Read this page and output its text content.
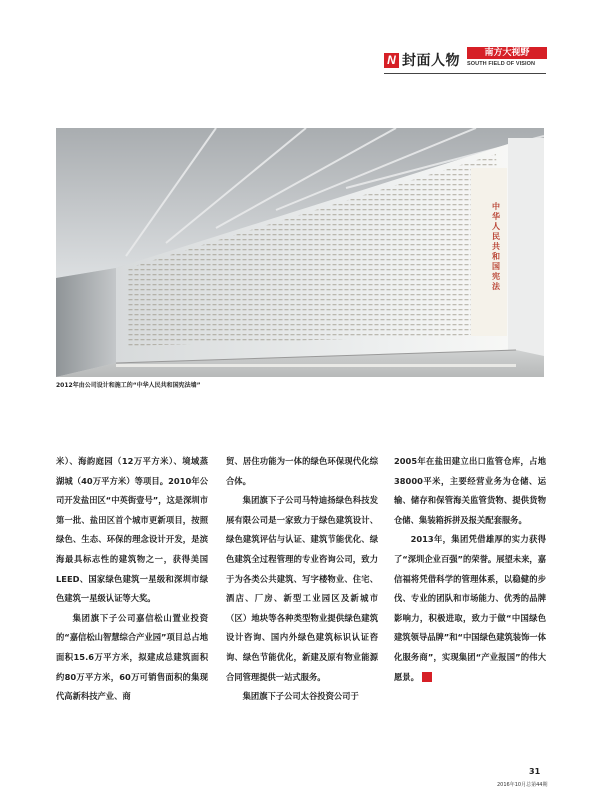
N 封面人物	南方大视野
SOUTH FIELD OF VISION
中华人民共和国宪法
2012年由公司设计和施工的“中华人民共和国宪法墙”

米）、海韵庭园（12万平方米）、境域蒸湖城（40万平方米）等项目。2010年公司开发盐田区“中英街壹号”，这是深圳市第一批、盐田区首个城市更新项目，按照绿色、生态、环保的理念设计开发，是滨海最具标志性的建筑物之一，获得美国LEED、国家绿色建筑一星级和深圳市绿色建筑一星级认证等大奖。

集团旗下子公司嘉信松山置业投资的“嘉信松山智慧综合产业园”项目总占地面积15.6万平方米，拟建成总建筑面积约80万平方米，60万可销售面积的集现代高新科技产业、商

贸、居住功能为一体的绿色环保现代化综合体。

集团旗下子公司马特迪扬绿色科技发展有限公司是一家致力于绿色建筑设计、绿色建筑评估与认证、建筑节能优化、绿色建筑全过程管理的专业咨询公司，致力于为各类公共建筑、写字楼物业、住宅、酒店、厂房、新型工业园区及新城市（区）地块等各种类型物业提供绿色建筑设计咨询、国内外绿色建筑标识认证咨询、绿色节能优化，新建及原有物业能源合同管理提供一站式服务。

集团旗下子公司太谷投资公司于

2005年在盐田建立出口监管仓库，占地38000平米，主要经营业务为仓储、运输、储存和保管海关监管货物、提供货物仓储、集装箱拆拼及报关配套服务。

2013年，集团凭借雄厚的实力获得了“深圳企业百强”的荣誉。展望未来，嘉信福将凭借科学的管理体系，以稳健的步伐、专业的团队和市场能力、优秀的品牌影响力，积极进取，致力于做“中国绿色建筑领导品牌”和“中国绿色建筑装饰一体化服务商”，实现集团“产业报国”的伟大愿景。 N

31
2016年10月总第44期
